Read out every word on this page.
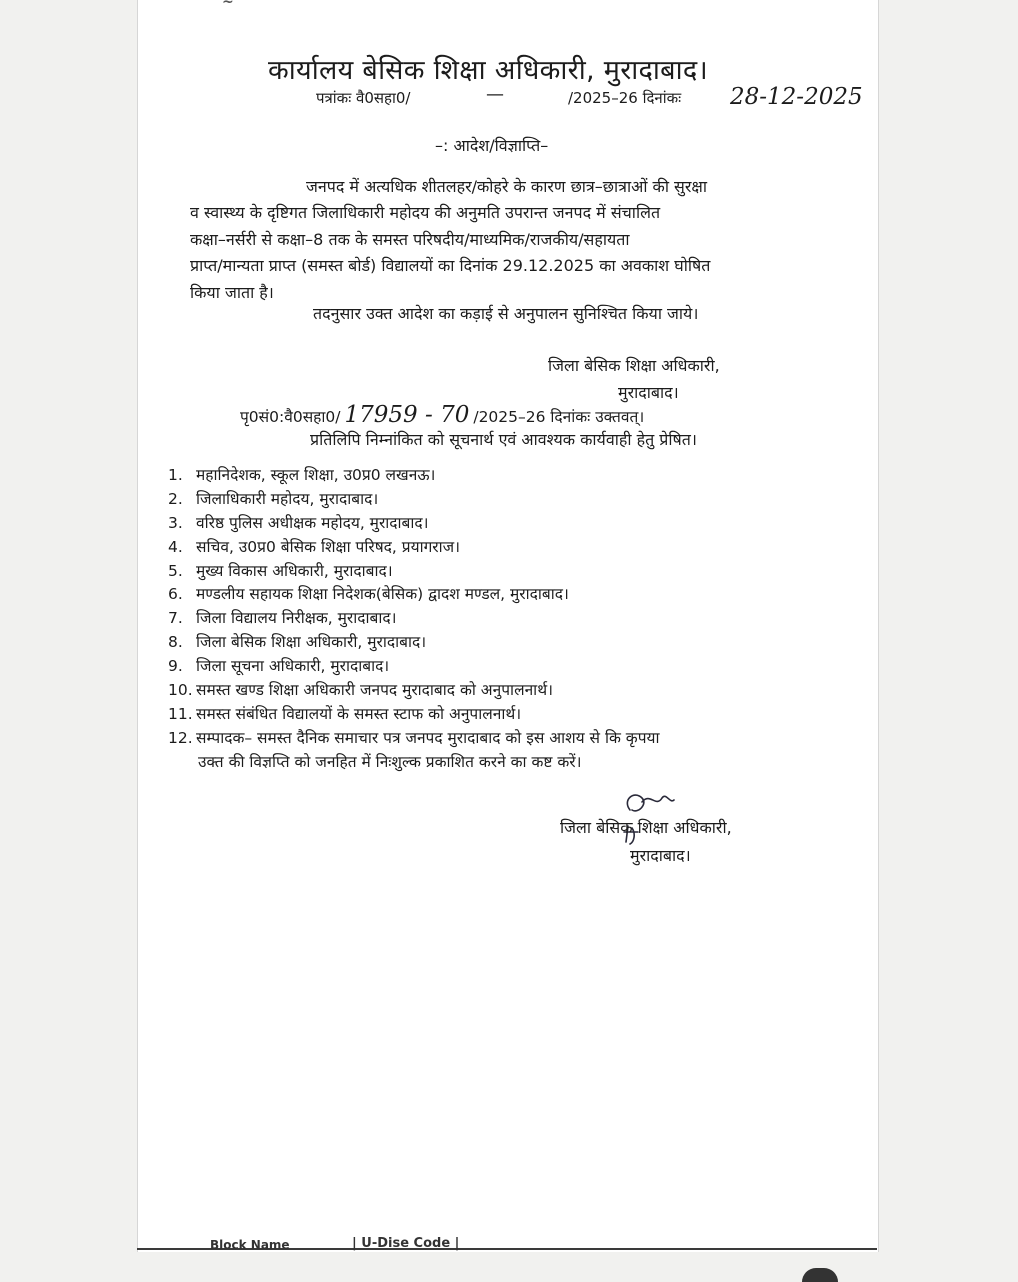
~
कार्यालय बेसिक शिक्षा अधिकारी, मुरादाबाद।
पत्रांकः वै0सहा0/	—	/2025–26 दिनांकः 28-12-2025
–: आदेश/विज्ञाप्ति–
जनपद में अत्यधिक शीतलहर/कोहरे के कारण छात्र–छात्राओं की सुरक्षा
व स्वास्थ्य के दृष्टिगत जिलाधिकारी महोदय की अनुमति उपरान्त जनपद में संचालित
कक्षा–नर्सरी से कक्षा–8 तक के समस्त परिषदीय/माध्यमिक/राजकीय/सहायता
प्राप्त/मान्यता प्राप्त (समस्त बोर्ड) विद्यालयों का दिनांक 29.12.2025 का अवकाश घोषित
किया जाता है।
तदनुसार उक्त आदेश का कड़ाई से अनुपालन सुनिश्चित किया जाये।
जिला बेसिक शिक्षा अधिकारी,
मुरादाबाद।
पृ0सं0:वै0सहा0/ 17959 - 70 /2025–26 दिनांकः उक्तवत्।
प्रतिलिपि निम्नांकित को सूचनार्थ एवं आवश्यक कार्यवाही हेतु प्रेषित।
1. महानिदेशक, स्कूल शिक्षा, उ0प्र0 लखनऊ।
2. जिलाधिकारी महोदय, मुरादाबाद।
3. वरिष्ठ पुलिस अधीक्षक महोदय, मुरादाबाद।
4. सचिव, उ0प्र0 बेसिक शिक्षा परिषद, प्रयागराज।
5. मुख्य विकास अधिकारी, मुरादाबाद।
6. मण्डलीय सहायक शिक्षा निदेशक(बेसिक) द्वादश मण्डल, मुरादाबाद।
7. जिला विद्यालय निरीक्षक, मुरादाबाद।
8. जिला बेसिक शिक्षा अधिकारी, मुरादाबाद।
9. जिला सूचना अधिकारी, मुरादाबाद।
10. समस्त खण्ड शिक्षा अधिकारी जनपद मुरादाबाद को अनुपालनार्थ।
11. समस्त संबंधित विद्यालयों के समस्त स्टाफ को अनुपालनार्थ।
12. सम्पादक– समस्त दैनिक समाचार पत्र जनपद मुरादाबाद को इस आशय से कि कृपया
उक्त की विज्ञप्ति को जनहित में निःशुल्क प्रकाशित करने का कष्ट करें।
जिला बेसिक शिक्षा अधिकारी,
मुरादाबाद।
Block Name	| U-Dise Code |
